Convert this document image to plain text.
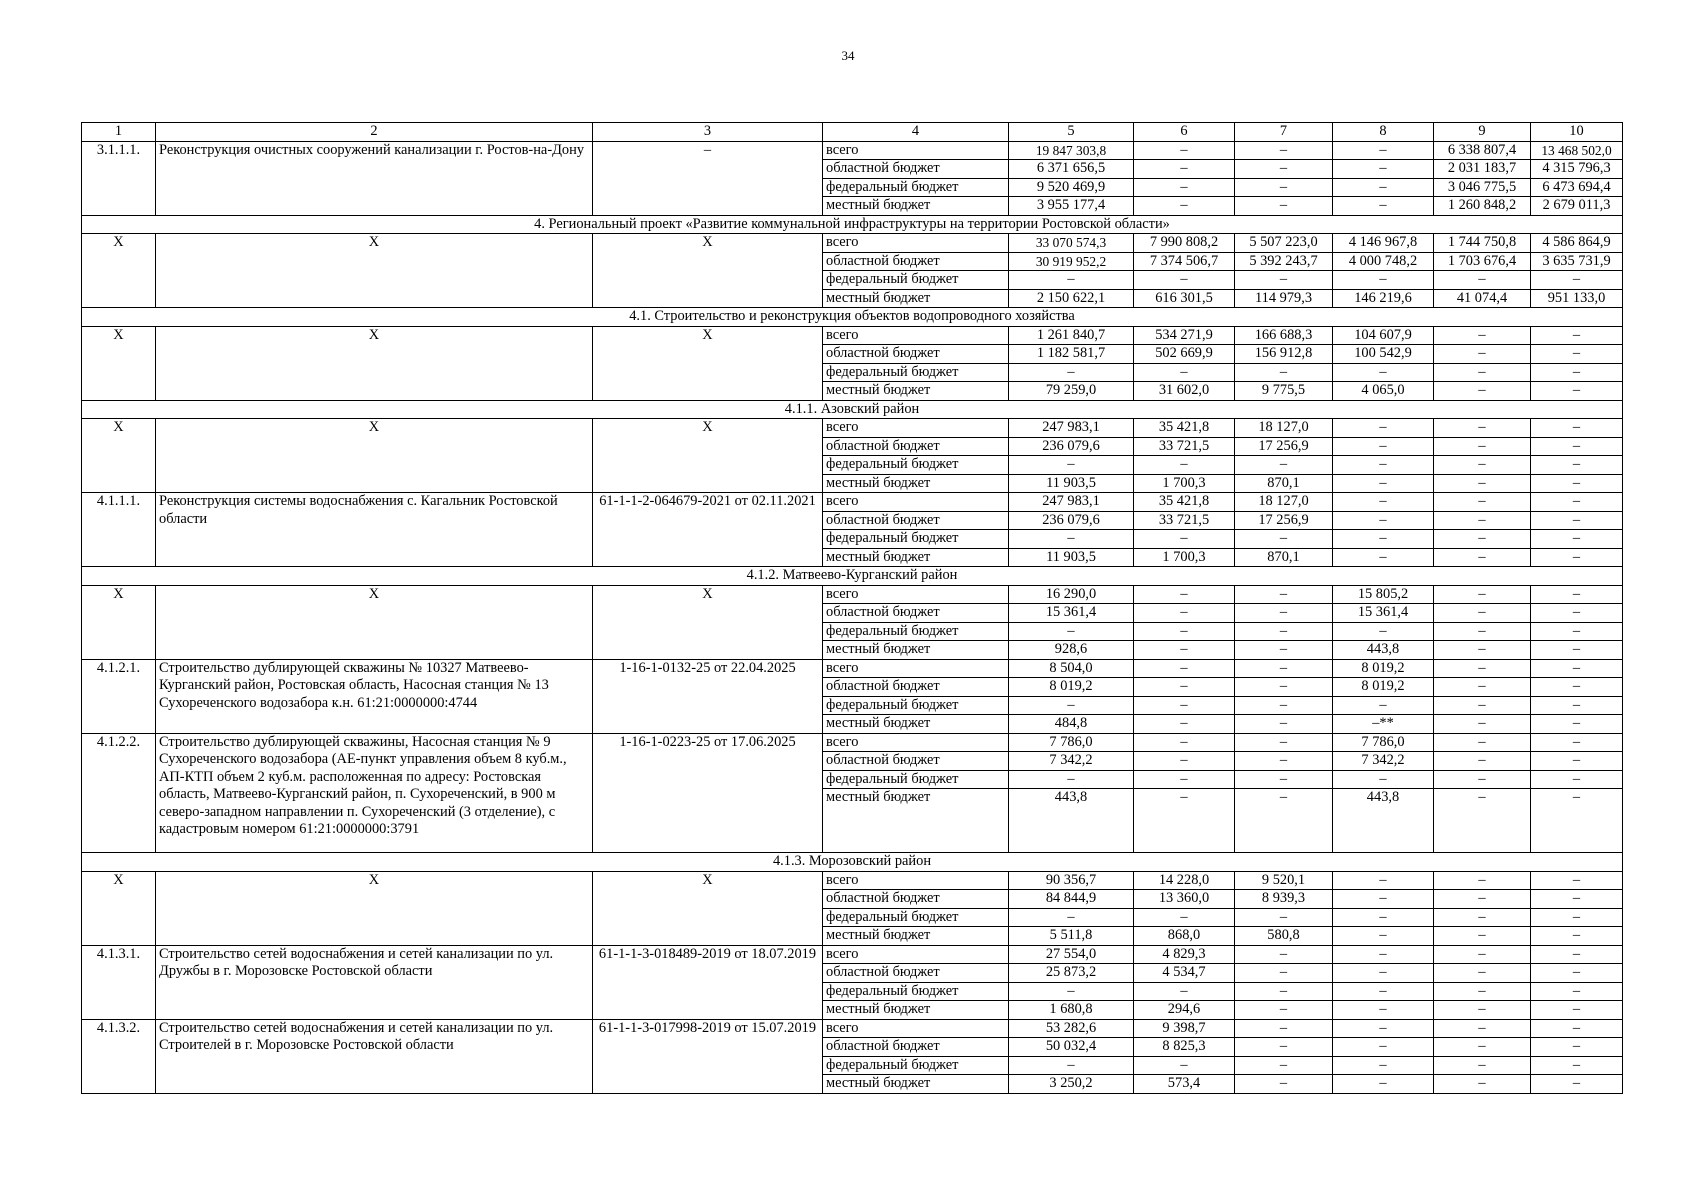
34
1	2	3	4	5	6	7	8	9	10
3.1.1.1.	Реконструкция очистных сооружений канализации г. Ростов-на-Дону	–	всего	19 847 303,8	–	–	–	6 338 807,4	13 468 502,0
			областной бюджет	6 371 656,5	–	–	–	2 031 183,7	4 315 796,3
			федеральный бюджет	9 520 469,9	–	–	–	3 046 775,5	6 473 694,4
			местный бюджет	3 955 177,4	–	–	–	1 260 848,2	2 679 011,3
4. Региональный проект «Развитие коммунальной инфраструктуры на территории Ростовской области»									
X	X	X	всего	33 070 574,3	7 990 808,2	5 507 223,0	4 146 967,8	1 744 750,8	4 586 864,9
			областной бюджет	30 919 952,2	7 374 506,7	5 392 243,7	4 000 748,2	1 703 676,4	3 635 731,9
			федеральный бюджет	–	–	–	–	–	–
			местный бюджет	2 150 622,1	616 301,5	114 979,3	146 219,6	41 074,4	951 133,0
4.1. Строительство и реконструкция объектов водопроводного хозяйства									
X	X	X	всего	1 261 840,7	534 271,9	166 688,3	104 607,9	–	–
			областной бюджет	1 182 581,7	502 669,9	156 912,8	100 542,9	–	–
			федеральный бюджет	–	–	–	–	–	–
			местный бюджет	79 259,0	31 602,0	9 775,5	4 065,0	–	–
4.1.1. Азовский район									
X	X	X	всего	247 983,1	35 421,8	18 127,0	–	–	–
			областной бюджет	236 079,6	33 721,5	17 256,9	–	–	–
			федеральный бюджет	–	–	–	–	–	–
			местный бюджет	11 903,5	1 700,3	870,1	–	–	–
4.1.1.1.	Реконструкция системы водоснабжения с. Кагальник Ростовской области	61-1-1-2-064679-2021 от 02.11.2021	всего	247 983,1	35 421,8	18 127,0	–	–	–
			областной бюджет	236 079,6	33 721,5	17 256,9	–	–	–
			федеральный бюджет	–	–	–	–	–	–
			местный бюджет	11 903,5	1 700,3	870,1	–	–	–
4.1.2. Матвеево-Курганский район									
X	X	X	всего	16 290,0	–	–	15 805,2	–	–
			областной бюджет	15 361,4	–	–	15 361,4	–	–
			федеральный бюджет	–	–	–	–	–	–
			местный бюджет	928,6	–	–	443,8	–	–
4.1.2.1.	Строительство дублирующей скважины № 10327 Матвеево-Курганский район, Ростовская область, Насосная станция № 13 Сухореченского водозабора к.н. 61:21:0000000:4744	1-16-1-0132-25 от 22.04.2025	всего	8 504,0	–	–	8 019,2	–	–
			областной бюджет	8 019,2	–	–	8 019,2	–	–
			федеральный бюджет	–	–	–	–	–	–
			местный бюджет	484,8	–	–	–**	–	–
4.1.2.2.	Строительство дублирующей скважины, Насосная станция № 9 Сухореченского водозабора (АЕ-пункт управления объем 8 куб.м., АП-КТП объем 2 куб.м. расположенная по адресу: Ростовская область, Матвеево-Курганский район, п. Сухореченский, в 900 м северо-западном направлении п. Сухореченский (3 отделение), с кадастровым номером 61:21:0000000:3791	1-16-1-0223-25 от 17.06.2025	всего	7 786,0	–	–	7 786,0	–	–
			областной бюджет	7 342,2	–	–	7 342,2	–	–
			федеральный бюджет	–	–	–	–	–	–
			местный бюджет	443,8	–	–	443,8	–	–
4.1.3. Морозовский район									
X	X	X	всего	90 356,7	14 228,0	9 520,1	–	–	–
			областной бюджет	84 844,9	13 360,0	8 939,3	–	–	–
			федеральный бюджет	–	–	–	–	–	–
			местный бюджет	5 511,8	868,0	580,8	–	–	–
4.1.3.1.	Строительство сетей водоснабжения и сетей канализации по ул. Дружбы в г. Морозовске Ростовской области	61-1-1-3-018489-2019 от 18.07.2019	всего	27 554,0	4 829,3	–	–	–	–
			областной бюджет	25 873,2	4 534,7	–	–	–	–
			федеральный бюджет	–	–	–	–	–	–
			местный бюджет	1 680,8	294,6	–	–	–	–
4.1.3.2.	Строительство сетей водоснабжения и сетей канализации по ул. Строителей в г. Морозовске Ростовской области	61-1-1-3-017998-2019 от 15.07.2019	всего	53 282,6	9 398,7	–	–	–	–
			областной бюджет	50 032,4	8 825,3	–	–	–	–
			федеральный бюджет	–	–	–	–	–	–
			местный бюджет	3 250,2	573,4	–	–	–	–
